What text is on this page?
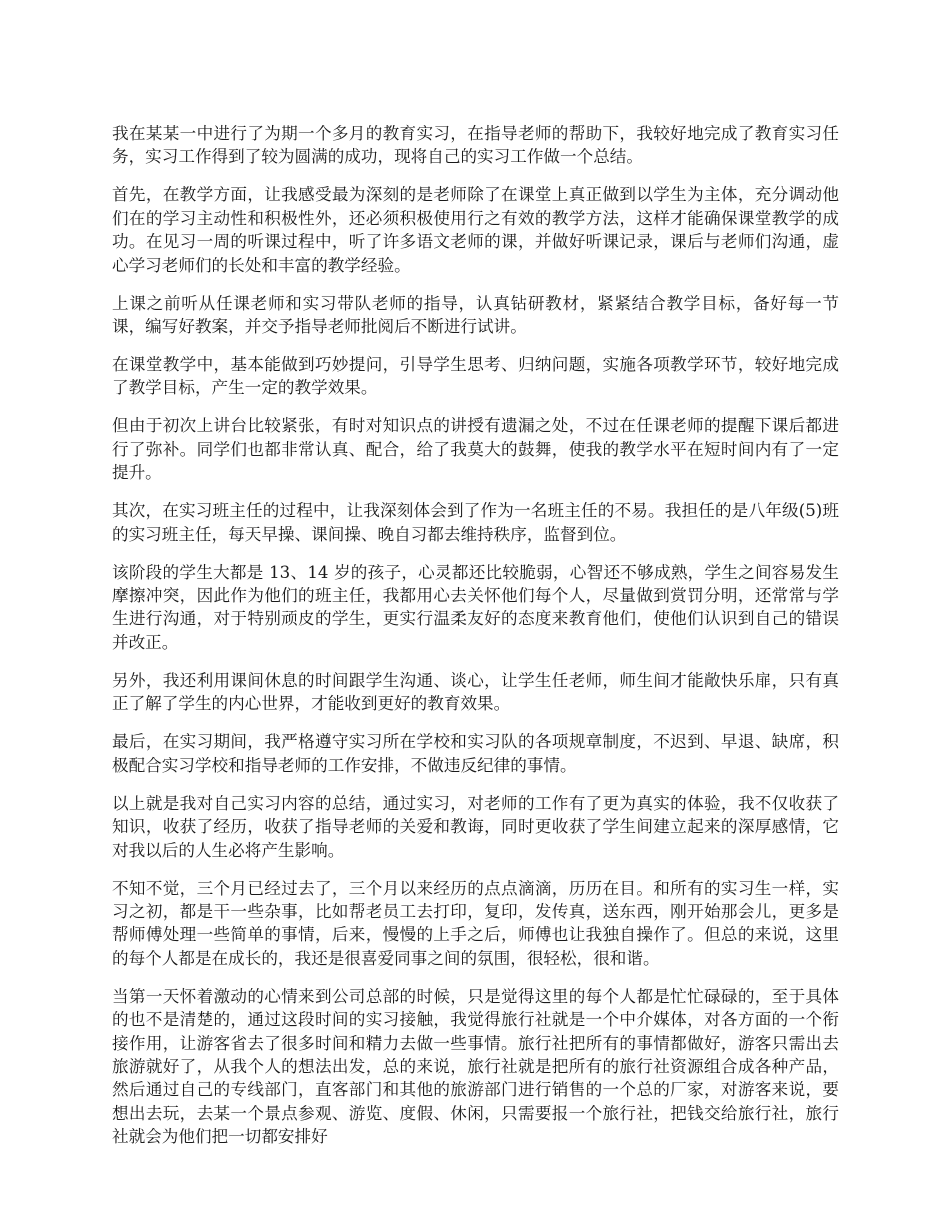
我在某某一中进行了为期一个多月的教育实习，在指导老师的帮助下，我较好地完成了教育实习任务，实习工作得到了较为圆满的成功，现将自己的实习工作做一个总结。

首先，在教学方面，让我感受最为深刻的是老师除了在课堂上真正做到以学生为主体，充分调动他们在的学习主动性和积极性外，还必须积极使用行之有效的教学方法，这样才能确保课堂教学的成功。在见习一周的听课过程中，听了许多语文老师的课，并做好听课记录，课后与老师们沟通，虚心学习老师们的长处和丰富的教学经验。

上课之前听从任课老师和实习带队老师的指导，认真钻研教材，紧紧结合教学目标，备好每一节课，编写好教案，并交予指导老师批阅后不断进行试讲。

在课堂教学中，基本能做到巧妙提问，引导学生思考、归纳问题，实施各项教学环节，较好地完成了教学目标，产生一定的教学效果。

但由于初次上讲台比较紧张，有时对知识点的讲授有遗漏之处，不过在任课老师的提醒下课后都进行了弥补。同学们也都非常认真、配合，给了我莫大的鼓舞，使我的教学水平在短时间内有了一定提升。

其次，在实习班主任的过程中，让我深刻体会到了作为一名班主任的不易。我担任的是八年级(5)班的实习班主任，每天早操、课间操、晚自习都去维持秩序，监督到位。

该阶段的学生大都是 13、14 岁的孩子，心灵都还比较脆弱，心智还不够成熟，学生之间容易发生摩擦冲突，因此作为他们的班主任，我都用心去关怀他们每个人，尽量做到赏罚分明，还常常与学生进行沟通，对于特别顽皮的学生，更实行温柔友好的态度来教育他们，使他们认识到自己的错误并改正。

另外，我还利用课间休息的时间跟学生沟通、谈心，让学生任老师，师生间才能敞快乐扉，只有真正了解了学生的内心世界，才能收到更好的教育效果。

最后，在实习期间，我严格遵守实习所在学校和实习队的各项规章制度，不迟到、早退、缺席，积极配合实习学校和指导老师的工作安排，不做违反纪律的事情。

以上就是我对自己实习内容的总结，通过实习，对老师的工作有了更为真实的体验，我不仅收获了知识，收获了经历，收获了指导老师的关爱和教诲，同时更收获了学生间建立起来的深厚感情，它对我以后的人生必将产生影响。

不知不觉，三个月已经过去了，三个月以来经历的点点滴滴，历历在目。和所有的实习生一样，实习之初，都是干一些杂事，比如帮老员工去打印，复印，发传真，送东西，刚开始那会儿，更多是帮师傅处理一些简单的事情，后来，慢慢的上手之后，师傅也让我独自操作了。但总的来说，这里的每个人都是在成长的，我还是很喜爱同事之间的氛围，很轻松，很和谐。

当第一天怀着激动的心情来到公司总部的时候，只是觉得这里的每个人都是忙忙碌碌的，至于具体的也不是清楚的，通过这段时间的实习接触，我觉得旅行社就是一个中介媒体，对各方面的一个衔接作用，让游客省去了很多时间和精力去做一些事情。旅行社把所有的事情都做好，游客只需出去旅游就好了，从我个人的想法出发，总的来说，旅行社就是把所有的旅行社资源组合成各种产品，然后通过自己的专线部门，直客部门和其他的旅游部门进行销售的一个总的厂家，对游客来说，要想出去玩，去某一个景点参观、游览、度假、休闲，只需要报一个旅行社，把钱交给旅行社，旅行社就会为他们把一切都安排好
